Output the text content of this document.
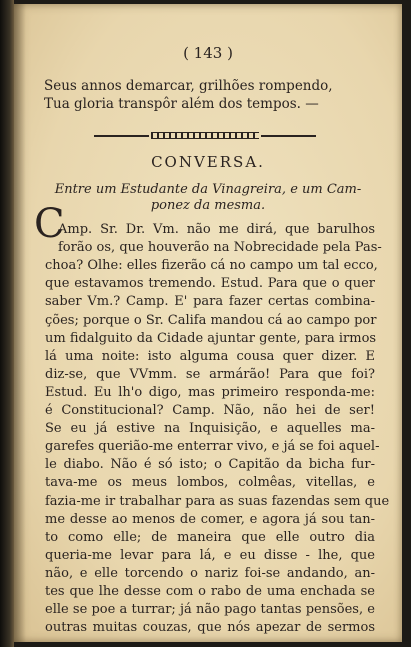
( 143 )
Seus annos demarcar, grilhões rompendo,
Tua gloria transpôr além dos tempos. —
CONVERSA.
Entre um Estudante da Vinagreira, e um Cam-
ponez da mesma.
C
Amp. Sr. Dr. Vm. não me dirá, que barulhos
forão os, que houverão na Nobrecidade pela Pas-
choa? Olhe: elles fizerão cá no campo um tal ecco,
que estavamos tremendo. Estud. Para que o quer
saber Vm.? Camp. E' para fazer certas combina-
ções; porque o Sr. Califa mandou cá ao campo por
um fidalguito da Cidade ajuntar gente, para irmos
lá uma noite: isto alguma cousa quer dizer. E
diz-se, que VVmm. se armárão! Para que foi?
Estud. Eu lh'o digo, mas primeiro responda-me:
é Constitucional? Camp. Não, não hei de ser!
Se eu já estive na Inquisição, e aquelles ma-
garefes querião-me enterrar vivo, e já se foi aquel-
le diabo. Não é só isto; o Capitão da bicha fur-
tava-me os meus lombos, colmêas, vitellas, e
fazia-me ir trabalhar para as suas fazendas sem que
me desse ao menos de comer, e agora já sou tan-
to como elle; de maneira que elle outro dia
queria-me levar para lá, e eu disse - lhe, que
não, e elle torcendo o nariz foi-se andando, an-
tes que lhe desse com o rabo de uma enchada se
elle se poe a turrar; já não pago tantas pensões, e
outras muitas couzas, que nós apezar de sermos
